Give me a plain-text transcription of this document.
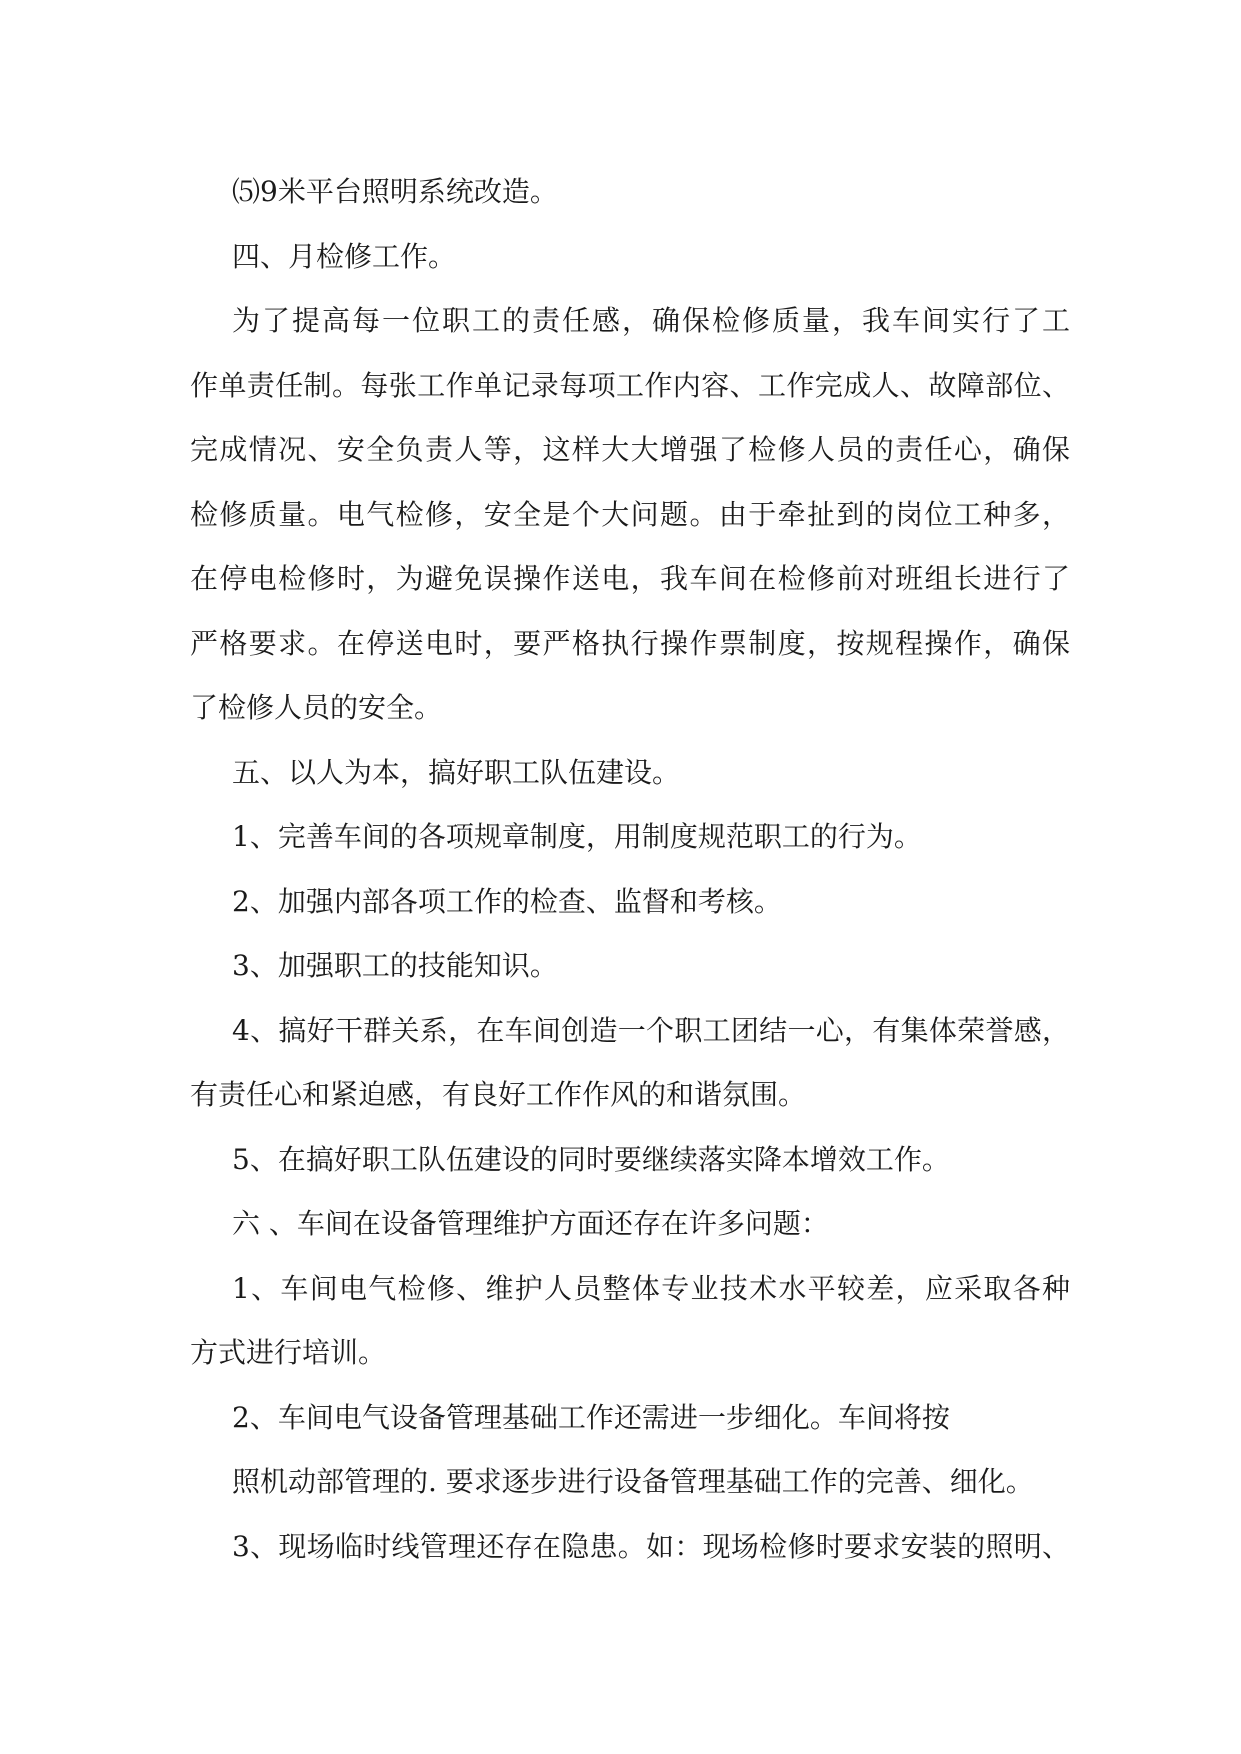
⑸9米平台照明系统改造。
四、月检修工作。
为了提高每一位职工的责任感，确保检修质量，我车间实行了工
作单责任制。每张工作单记录每项工作内容、工作完成人、故障部位、
完成情况、安全负责人等，这样大大增强了检修人员的责任心，确保
检修质量。电气检修，安全是个大问题。由于牵扯到的岗位工种多，
在停电检修时，为避免误操作送电，我车间在检修前对班组长进行了
严格要求。在停送电时，要严格执行操作票制度，按规程操作，确保
了检修人员的安全。
五、以人为本，搞好职工队伍建设。
1、完善车间的各项规章制度，用制度规范职工的行为。
2、加强内部各项工作的检查、监督和考核。
3、加强职工的技能知识。
4、搞好干群关系，在车间创造一个职工团结一心，有集体荣誉感，
有责任心和紧迫感，有良好工作作风的和谐氛围。
5、在搞好职工队伍建设的同时要继续落实降本增效工作。
六 、车间在设备管理维护方面还存在许多问题：
1、车间电气检修、维护人员整体专业技术水平较差，应采取各种
方式进行培训。
2、车间电气设备管理基础工作还需进一步细化。车间将按
照机动部管理的. 要求逐步进行设备管理基础工作的完善、细化。
3、现场临时线管理还存在隐患。如：现场检修时要求安装的照明、
